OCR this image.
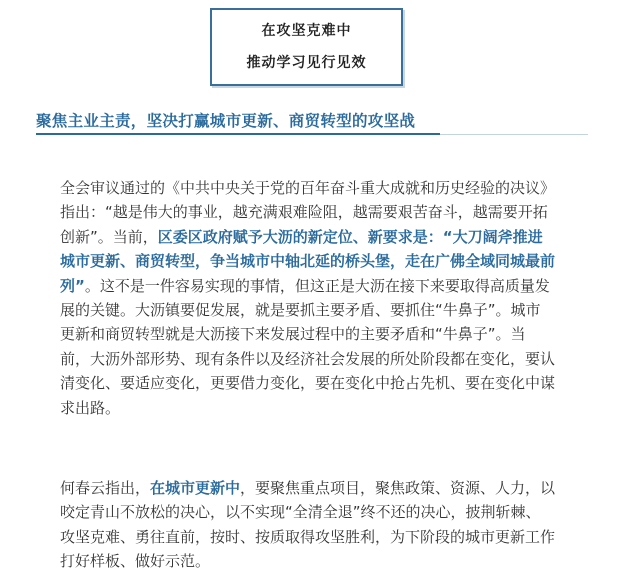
在攻坚克难中
推动学习见行见效
聚焦主业主责，坚决打赢城市更新、商贸转型的攻坚战
全会审议通过的《中共中央关于党的百年奋斗重大成就和历史经验的决议》
指出：“越是伟大的事业，越充满艰难险阻，越需要艰苦奋斗，越需要开拓
创新”。当前，区委区政府赋予大沥的新定位、新要求是：“大刀阔斧推进
城市更新、商贸转型，争当城市中轴北延的桥头堡，走在广佛全域同城最前
列”。这不是一件容易实现的事情，但这正是大沥在接下来要取得高质量发
展的关键。大沥镇要促发展，就是要抓主要矛盾、要抓住“牛鼻子”。城市
更新和商贸转型就是大沥接下来发展过程中的主要矛盾和“牛鼻子”。当
前，大沥外部形势、现有条件以及经济社会发展的所处阶段都在变化，要认
清变化、要适应变化，更要借力变化，要在变化中抢占先机、要在变化中谋
求出路。
何春云指出，在城市更新中，要聚焦重点项目，聚焦政策、资源、人力，以
咬定青山不放松的决心，以不实现“全清全退”终不还的决心，披荆斩棘、
攻坚克难、勇往直前，按时、按质取得攻坚胜利，为下阶段的城市更新工作
打好样板、做好示范。
